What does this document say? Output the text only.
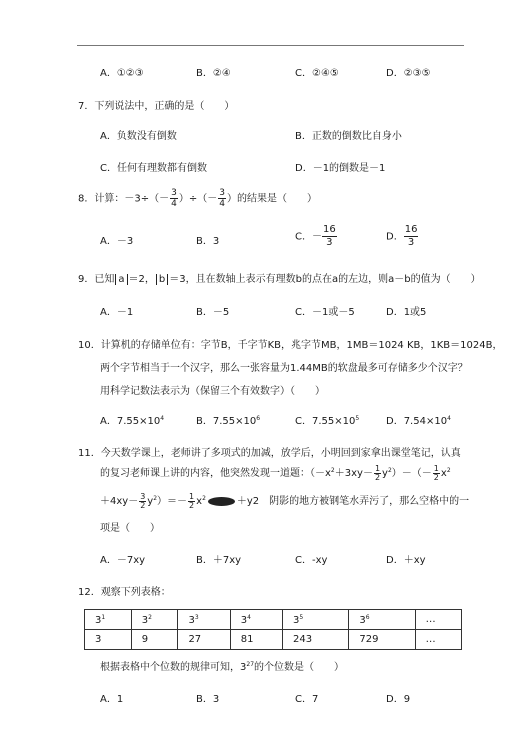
A．①②③	B．②④	C．②④⑤	D．②③⑤
7．下列说法中，正确的是（　　）
A．负数没有倒数	B．正数的倒数比自身小
C．任何有理数都有倒数	D．－1的倒数是－1
8．计算：$-3\div(- \frac{3}{4}$ ）÷（－ $\frac{3}{4}$ ）的结果是（　　）
A．－3	B．3	C．－ $\frac{16}{3}$	D． $\frac{16}{3}$
9．已知 a ＝2， b ＝3，且在数轴上表示有理数b的点在a的左边，则a－b的值为（　　）
A．－1	B．－5	C．－1或－5	D．1或5
10．计算机的存储单位有：字节B，千字节KB，兆字节MB，1MB＝1024 KB，1KB＝1024B，
两个字节相当于一个汉字，那么一张容量为1.44MB的软盘最多可存储多少个汉字？
用科学记数法表示为（保留三个有效数字）（　　）
A．$7.55\times 10^4$	B．$7.55\times 10^6$	C．$7.55\times 10^5$	D．$7.54\times 10^4$
11．今天数学课上，老师讲了多项式的加减，放学后，小明回到家拿出课堂笔记，认真
的复习老师课上讲的内容，他突然发现一道题：$(-x^2+3xy- \frac{1}{2} y^2)-(- \frac{1}{2} x^2$
$+4xy- \frac{3}{2} y^2)=- \frac{1}{2} x^2$	＋y2　阴影的地方被钢笔水弄污了，那么空格中的一
项是（　　）
A．－7xy	B．＋7xy	C．-xy	D．＋xy
12．观察下列表格：
$3^1$	$3^2$	$3^3$	$3^4$	$3^5$	$3^6$	…
3	9	27	81	243	729	…
根据表格中个位数的规律可知，$3^{27}$的个位数是（　　）
A．1	B．3	C．7	D．9
